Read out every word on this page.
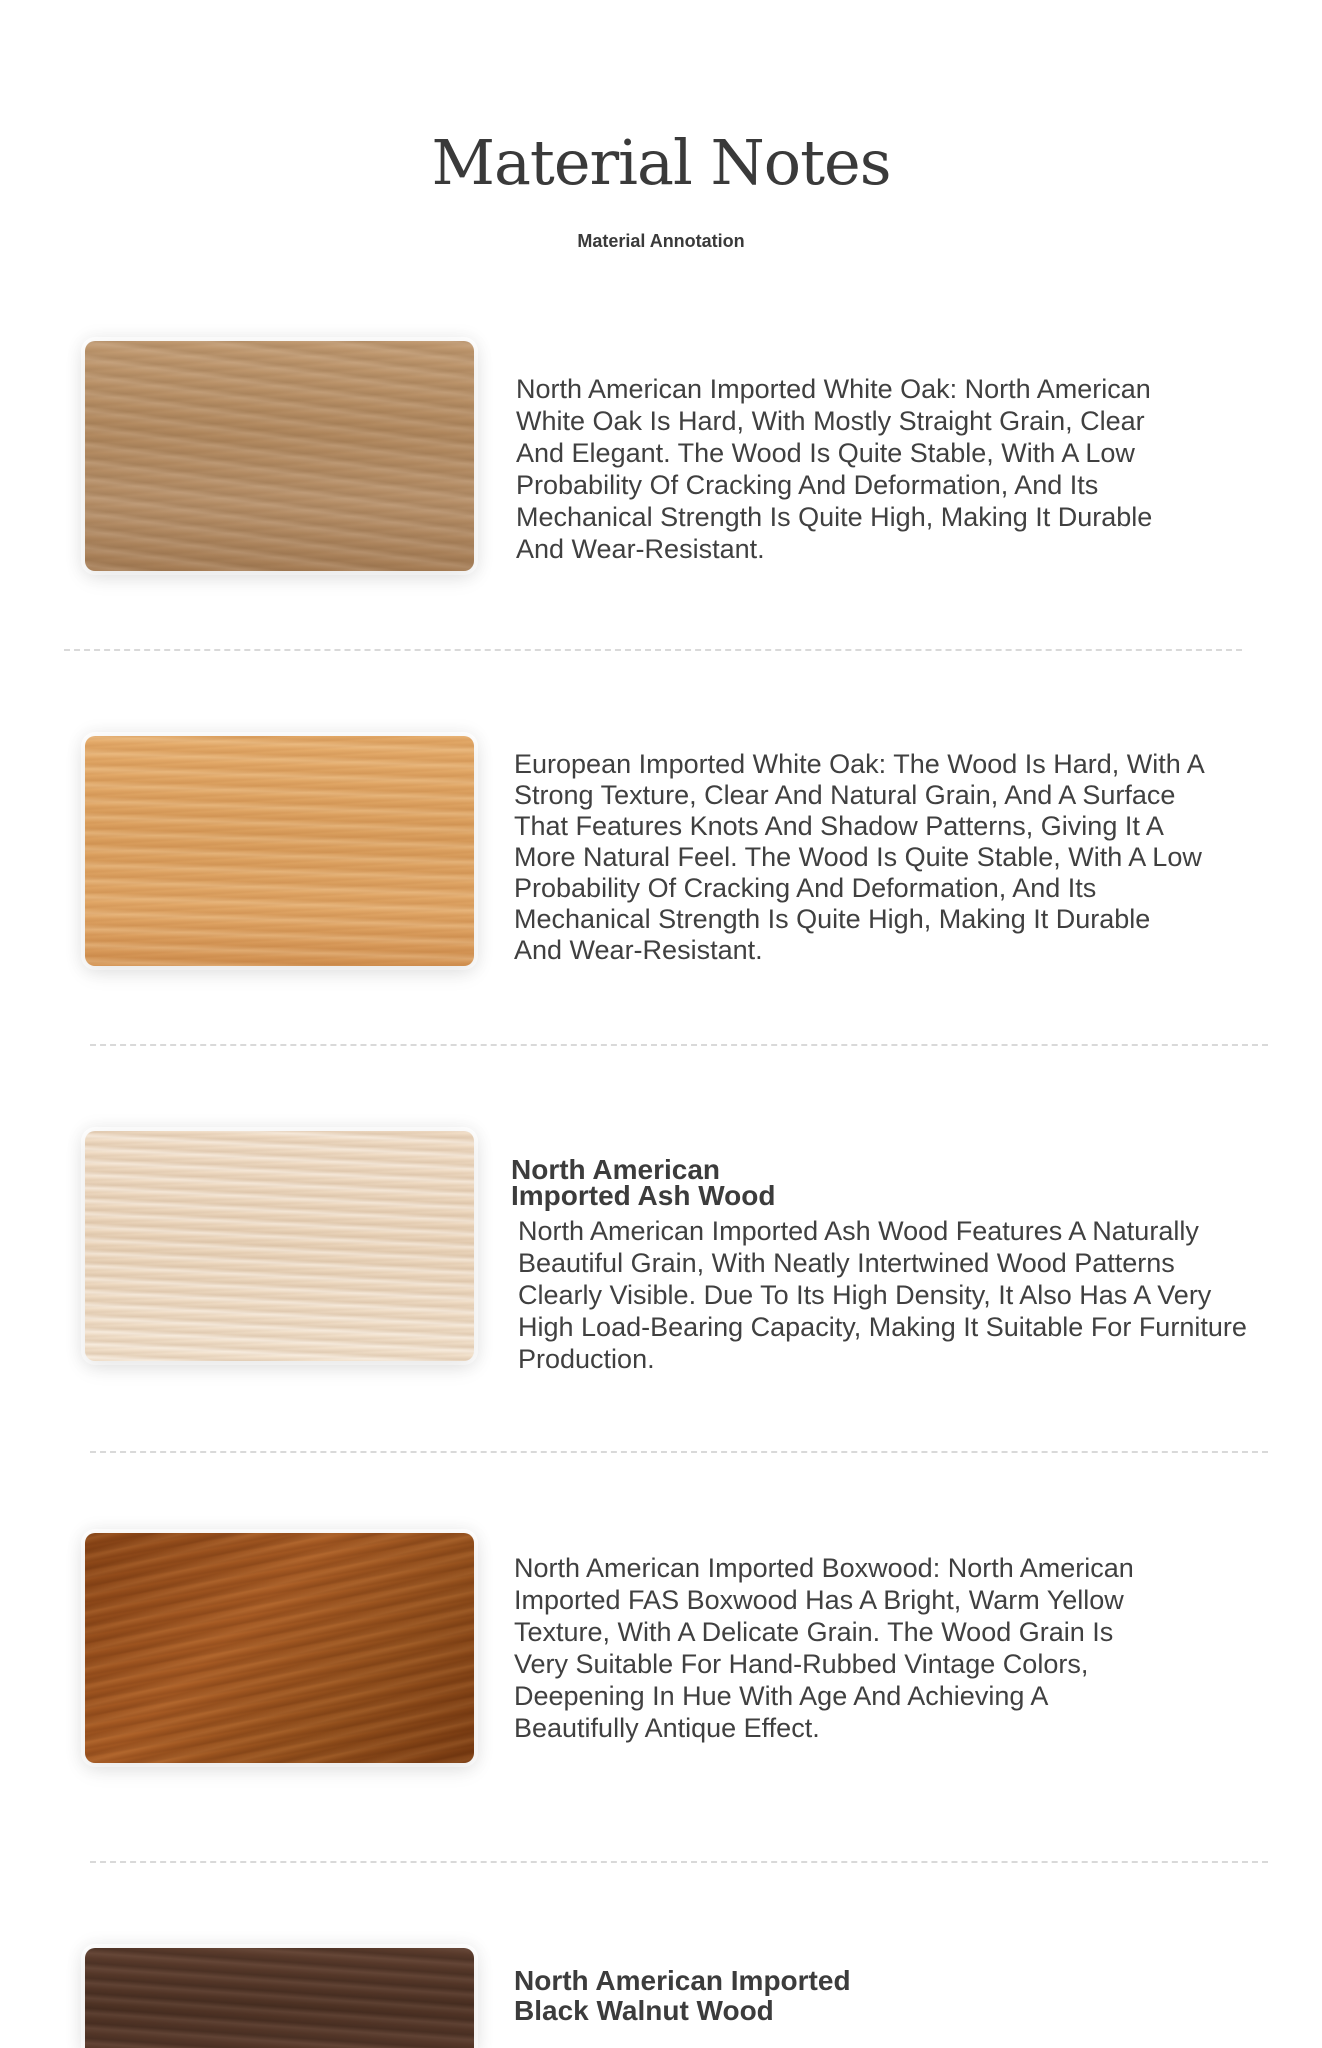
Material Notes
Material Annotation

North American Imported White Oak: North American White Oak Is Hard, With Mostly Straight Grain, Clear And Elegant. The Wood Is Quite Stable, With A Low Probability Of Cracking And Deformation, And Its Mechanical Strength Is Quite High, Making It Durable And Wear-Resistant.

European Imported White Oak: The Wood Is Hard, With A Strong Texture, Clear And Natural Grain, And A Surface That Features Knots And Shadow Patterns, Giving It A More Natural Feel. The Wood Is Quite Stable, With A Low Probability Of Cracking And Deformation, And Its Mechanical Strength Is Quite High, Making It Durable And Wear-Resistant.

North American Imported Ash Wood

North American Imported Ash Wood Features A Naturally Beautiful Grain, With Neatly Intertwined Wood Patterns Clearly Visible. Due To Its High Density, It Also Has A Very High Load-Bearing Capacity, Making It Suitable For Furniture Production.

North American Imported Boxwood: North American Imported FAS Boxwood Has A Bright, Warm Yellow Texture, With A Delicate Grain. The Wood Grain Is Very Suitable For Hand-Rubbed Vintage Colors, Deepening In Hue With Age And Achieving A Beautifully Antique Effect.

North American Imported Black Walnut Wood
